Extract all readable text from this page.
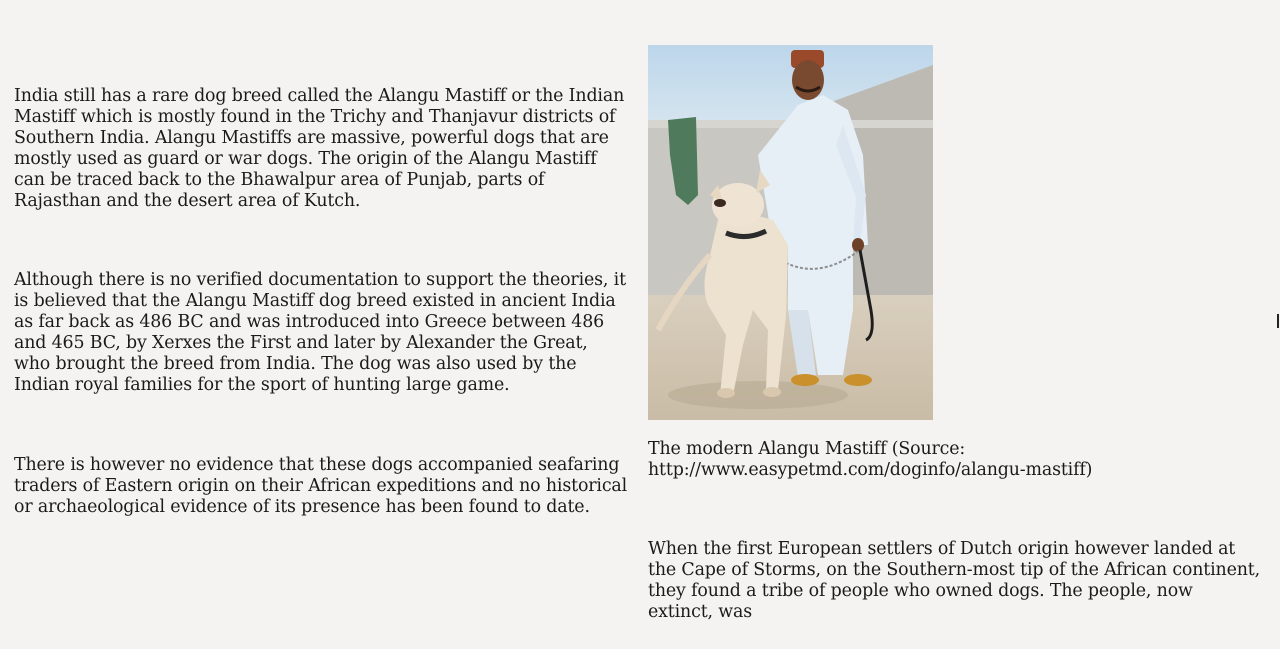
India still has a rare dog breed called the Alangu Mastiff or the Indian Mastiff which is mostly found in the Trichy and Thanjavur districts of Southern India. Alangu Mastiffs are massive, powerful dogs that are mostly used as guard or war dogs. The origin of the Alangu Mastiff can be traced back to the Bhawalpur area of Punjab, parts of Rajasthan and the desert area of Kutch.

Although there is no verified documentation to support the theories, it is believed that the Alangu Mastiff dog breed existed in ancient India as far back as 486 BC and was introduced into Greece between 486 and 465 BC, by Xerxes the First and later by Alexander the Great, who brought the breed from India. The dog was also used by the Indian royal families for the sport of hunting large game.

There is however no evidence that these dogs accompanied seafaring traders of Eastern origin on their African expeditions and no historical or archaeological evidence of its presence has been found to date.

The modern Alangu Mastiff (Source: http://www.easypetmd.com/doginfo/alangu-mastiff)

When the first European settlers of Dutch origin however landed at the Cape of Storms, on the Southern-most tip of the African continent, they found a tribe of people who owned dogs. The people, now extinct, was
